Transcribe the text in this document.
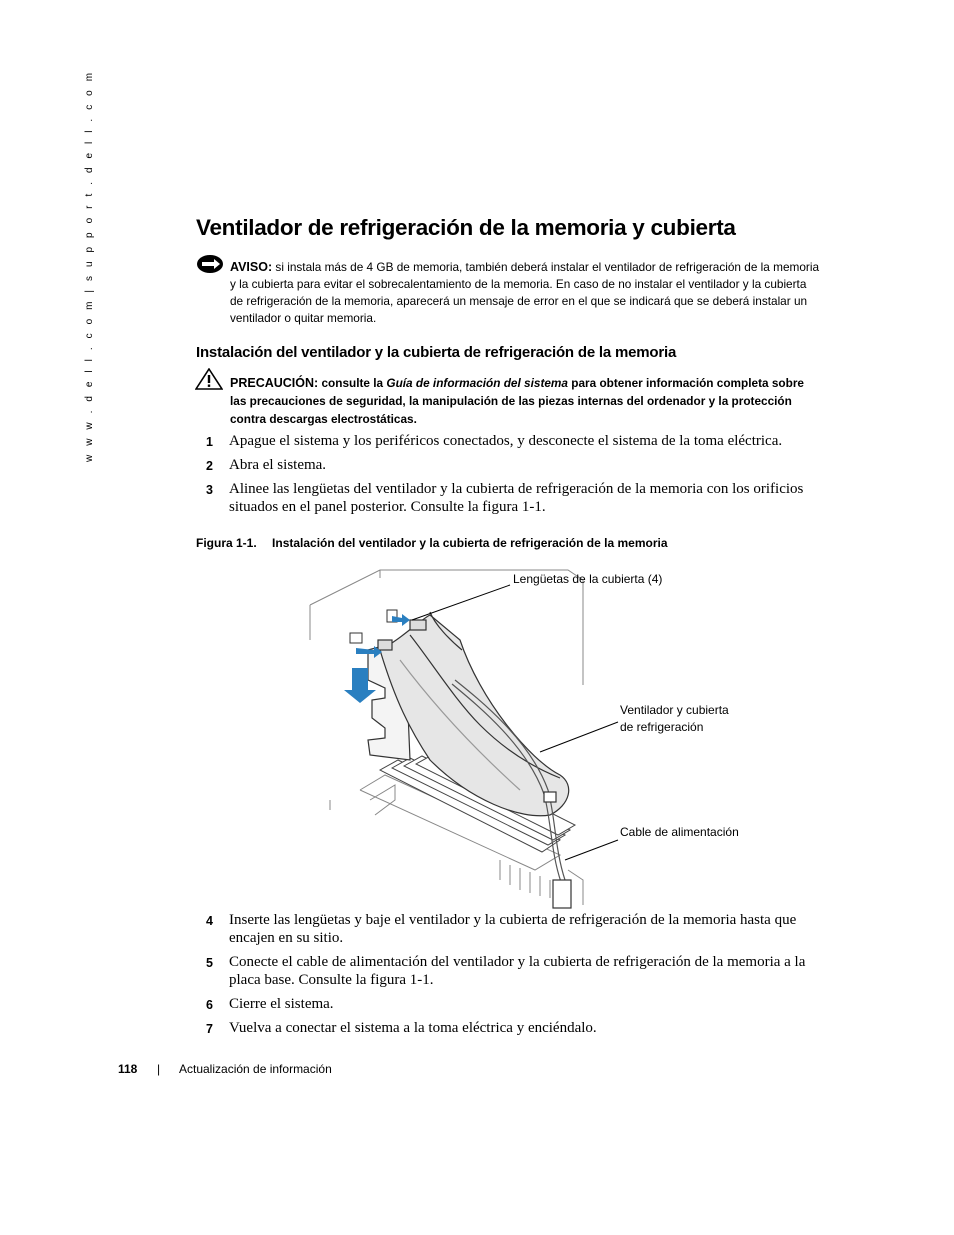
w w w . d e l l . c o m | s u p p o r t . d e l l . c o m	Ventilador de refrigeración de la memoria y cubierta
AVISO: si instala más de 4 GB de memoria, también deberá instalar el ventilador de refrigeración de la memoria y la cubierta para evitar el sobrecalentamiento de la memoria. En caso de no instalar el ventilador y la cubierta de refrigeración de la memoria, aparecerá un mensaje de error en el que se indicará que se deberá instalar un ventilador o quitar memoria.
Instalación del ventilador y la cubierta de refrigeración de la memoria
PRECAUCIÓN: consulte la Guía de información del sistema para obtener información completa sobre las precauciones de seguridad, la manipulación de las piezas internas del ordenador y la protección contra descargas electrostáticas.
1 Apague el sistema y los periféricos conectados, y desconecte el sistema de la toma eléctrica.
2 Abra el sistema.
3 Alinee las lengüetas del ventilador y la cubierta de refrigeración de la memoria con los orificios situados en el panel posterior. Consulte la figura 1-1.
Figura 1-1. Instalación del ventilador y la cubierta de refrigeración de la memoria
Lengüetas de la cubierta (4)
Ventilador y cubierta
de refrigeración
Cable de alimentación
4 Inserte las lengüetas y baje el ventilador y la cubierta de refrigeración de la memoria hasta que encajen en su sitio.
5 Conecte el cable de alimentación del ventilador y la cubierta de refrigeración de la memoria a la placa base. Consulte la figura 1-1.
6 Cierre el sistema.
7 Vuelva a conectar el sistema a la toma eléctrica y enciéndalo.
118 | Actualización de información
